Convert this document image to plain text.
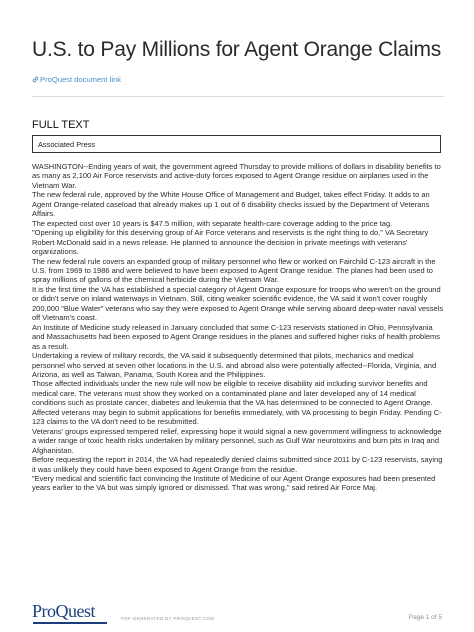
U.S. to Pay Millions for Agent Orange Claims
ProQuest document link
FULL TEXT
Associated Press

WASHINGTON--Ending years of wait, the government agreed Thursday to provide millions of dollars in disability benefits to as many as 2,100 Air Force reservists and active-duty forces exposed to Agent Orange residue on airplanes used in the Vietnam War.

The new federal rule, approved by the White House Office of Management and Budget, takes effect Friday. It adds to an Agent Orange-related caseload that already makes up 1 out of 6 disability checks issued by the Department of Veterans Affairs.

The expected cost over 10 years is $47.5 million, with separate health-care coverage adding to the price tag.

"Opening up eligibility for this deserving group of Air Force veterans and reservists is the right thing to do," VA Secretary Robert McDonald said in a news release. He planned to announce the decision in private meetings with veterans' organizations.

The new federal rule covers an expanded group of military personnel who flew or worked on Fairchild C-123 aircraft in the U.S. from 1969 to 1986 and were believed to have been exposed to Agent Orange residue. The planes had been used to spray millions of gallons of the chemical herbicide during the Vietnam War.

It is the first time the VA has established a special category of Agent Orange exposure for troops who weren't on the ground or didn't serve on inland waterways in Vietnam. Still, citing weaker scientific evidence, the VA said it won't cover roughly 200,000 "Blue Water" veterans who say they were exposed to Agent Orange while serving aboard deep-water naval vessels off Vietnam's coast.

An Institute of Medicine study released in January concluded that some C-123 reservists stationed in Ohio, Pennsylvania and Massachusetts had been exposed to Agent Orange residues in the planes and suffered higher risks of health problems as a result.

Undertaking a review of military records, the VA said it subsequently determined that pilots, mechanics and medical personnel who served at seven other locations in the U.S. and abroad also were potentially affected--Florida, Virginia, and Arizona, as well as Taiwan, Panama, South Korea and the Philippines.

Those affected individuals under the new rule will now be eligible to receive disability aid including survivor benefits and medical care. The veterans must show they worked on a contaminated plane and later developed any of 14 medical conditions such as prostate cancer, diabetes and leukemia that the VA has determined to be connected to Agent Orange.

Affected veterans may begin to submit applications for benefits immediately, with VA processing to begin Friday. Pending C-123 claims to the VA don't need to be resubmitted.

Veterans' groups expressed tempered relief, expressing hope it would signal a new government willingness to acknowledge a wider range of toxic health risks undertaken by military personnel, such as Gulf War neurotoxins and burn pits in Iraq and Afghanistan.

Before requesting the report in 2014, the VA had repeatedly denied claims submitted since 2011 by C-123 reservists, saying it was unlikely they could have been exposed to Agent Orange from the residue.

"Every medical and scientific fact convincing the Institute of Medicine of our Agent Orange exposures had been presented years earlier to the VA but was simply ignored or dismissed. That was wrong," said retired Air Force Maj.

ProQuest	PDF GENERATED BY PROQUEST.COM	Page 1 of 5
